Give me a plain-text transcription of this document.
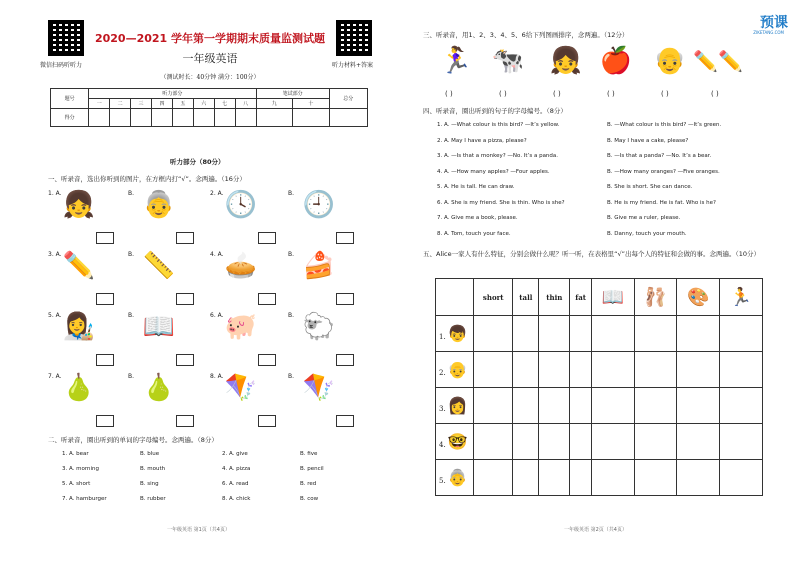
微信扫码听听力	听力材料+答案
2020—2021 学年第一学期期末质量监测试题
一年级英语
（测试时长：40分钟 满分：100分）
题号	听力部分								笔试部分		总分
	一	二	三	四	五	六	七	八	九	十	
得分											
听力部分（80分）
一、听录音，选出你听到的图片，在方框内打“√”。念两遍。（16分）
1. A. 👧	B. 👵	2. A. 🕓	B. 🕘
3. A. ✏️	B. 📏	4. A. 🥧	B. 🍰
5. A. 👩‍🎨	B. 📖	6. A. 🐖	B. 🐑
7. A. 🍐	B. 🍐	8. A. 🪁	B. 🪁
二、听录音，圈出听到的单词的字母编号。念两遍。（8分）
1. A. bear	B. blue	2. A. give	B. five
3. A. morning	B. mouth	4. A. pizza	B. pencil
5. A. short	B. sing	6. A. read	B. red
7. A. hamburger	B. rubber	8. A. chick	B. cow
一年级英语 第1页（共4页）
预课
ZIKETANG.COM
三、听录音，用1、2、3、4、5、6给下列图画排序，念两遍。（12分）
🏃‍♀️ 🐄 👧 🍎 👴 ✏️✏️
( )	( )	( )	( )	( )	( )
四、听录音，圈出听到的句子的字母编号。（8分）
1. A. —What colour is this bird? —It’s yellow.	B. —What colour is this bird? —It’s green.
2. A. May I have a pizza, please?	B. May I have a cake, please?
3. A. —Is that a monkey? —No. It’s a panda.	B. —Is that a panda? —No. It’s a bear.
4. A. —How many apples? —Four apples.	B. —How many oranges? —Five oranges.
5. A. He is tall. He can draw.	B. She is short. She can dance.
6. A. She is my friend. She is thin. Who is she?	B. He is my friend. He is fat. Who is he?
7. A. Give me a book, please.	B. Give me a ruler, please.
8. A. Tom, touch your face.	B. Danny, touch your mouth.
五、Alice一家人有什么特征，分别会做什么呢？听一听，在表格里“√”出每个人的特征和会做的事。念两遍。（10分）
	short	tall	thin	fat	📖	🩰	🎨	🏃
1. 👦								
2. 👴								
3. 👩								
4. 🤓								
5. 👵								
一年级英语 第2页（共4页）
